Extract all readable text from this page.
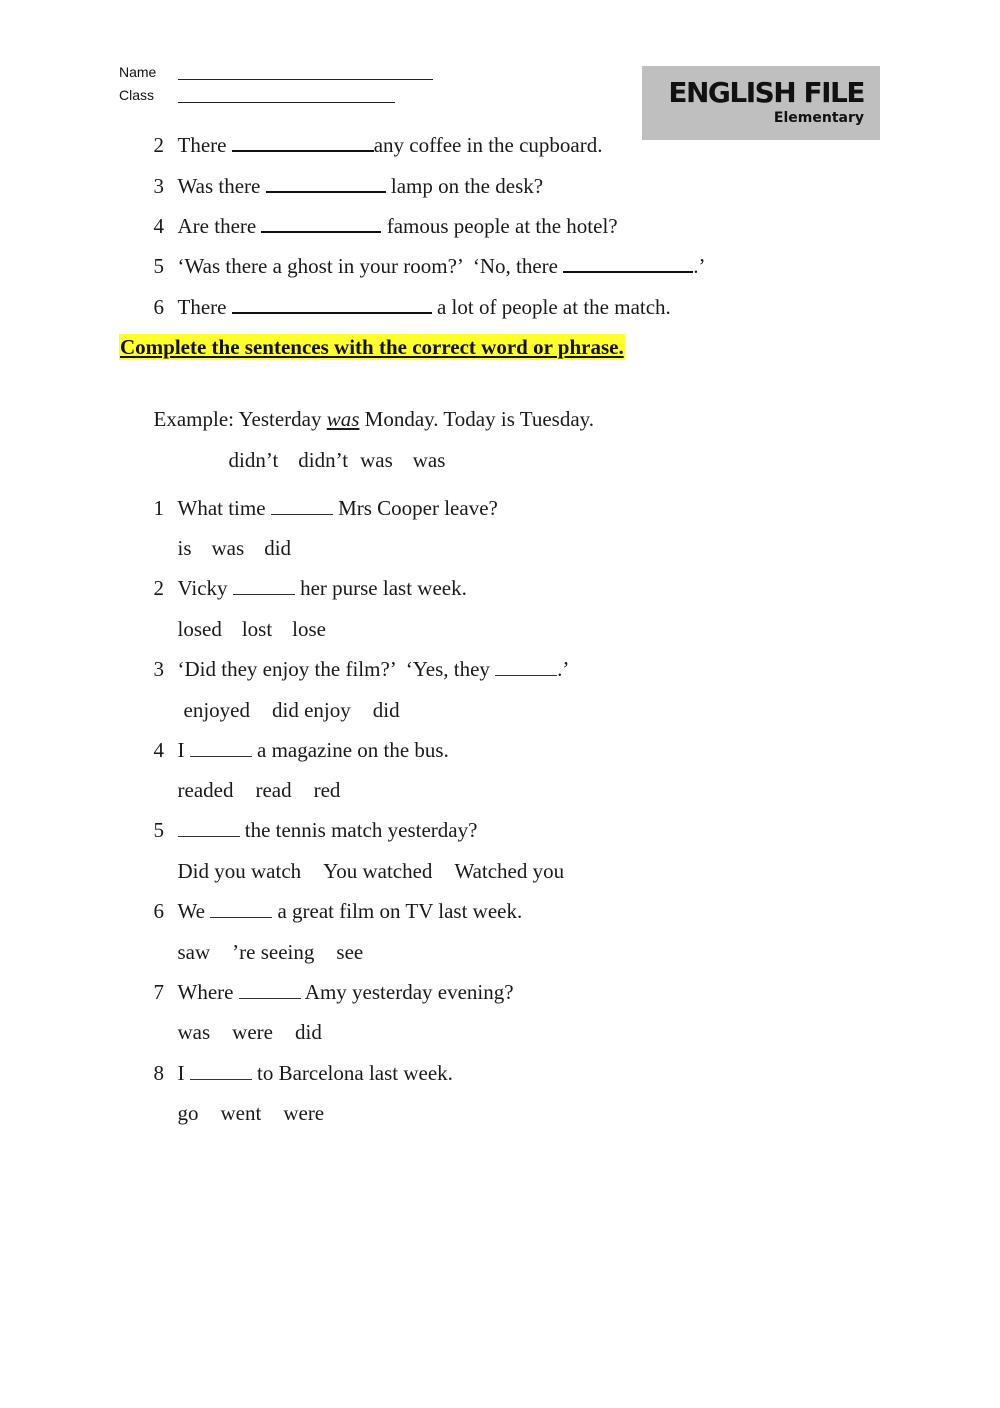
Name
Class	ENGLISH FILE
Elementary

2 There	any coffee in the cupboard.

3 Was there	lamp on the desk?

4 Are there	famous people at the hotel?

5 ‘Was there a ghost in your room?’  ‘No, there	.’

6 There	a lot of people at the match.

Complete the sentences with the correct word or phrase.

Example: Yesterday was Monday. Today is Tuesday.

didn’t didn’t was was

1 What time	Mrs Cooper leave?

is was did

2 Vicky	her purse last week.

losed lost lose

3 ‘Did they enjoy the film?’  ‘Yes, they	.’

enjoyed did enjoy did

4 I	a magazine on the bus.

readed read red

5	the tennis match yesterday?

Did you watch You watched Watched you

6 We	a great film on TV last week.

saw ’re seeing see

7 Where	Amy yesterday evening?

was were did

8 I	to Barcelona last week.

go went were
